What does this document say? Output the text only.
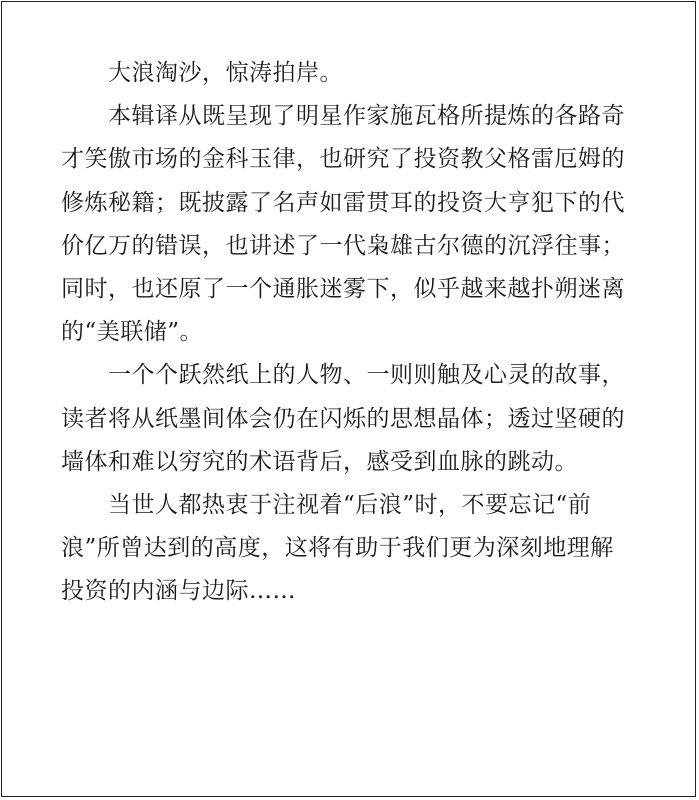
大浪淘沙，惊涛拍岸。
本辑译从既呈现了明星作家施瓦格所提炼的各路奇
才笑傲市场的金科玉律，也研究了投资教父格雷厄姆的
修炼秘籍；既披露了名声如雷贯耳的投资大亨犯下的代
价亿万的错误，也讲述了一代枭雄古尔德的沉浮往事；
同时，也还原了一个通胀迷雾下，似乎越来越扑朔迷离
的“美联储”。
一个个跃然纸上的人物、一则则触及心灵的故事，
读者将从纸墨间体会仍在闪烁的思想晶体；透过坚硬的
墙体和难以穷究的术语背后，感受到血脉的跳动。
当世人都热衷于注视着“后浪”时，不要忘记“前
浪”所曾达到的高度，这将有助于我们更为深刻地理解
投资的内涵与边际……
